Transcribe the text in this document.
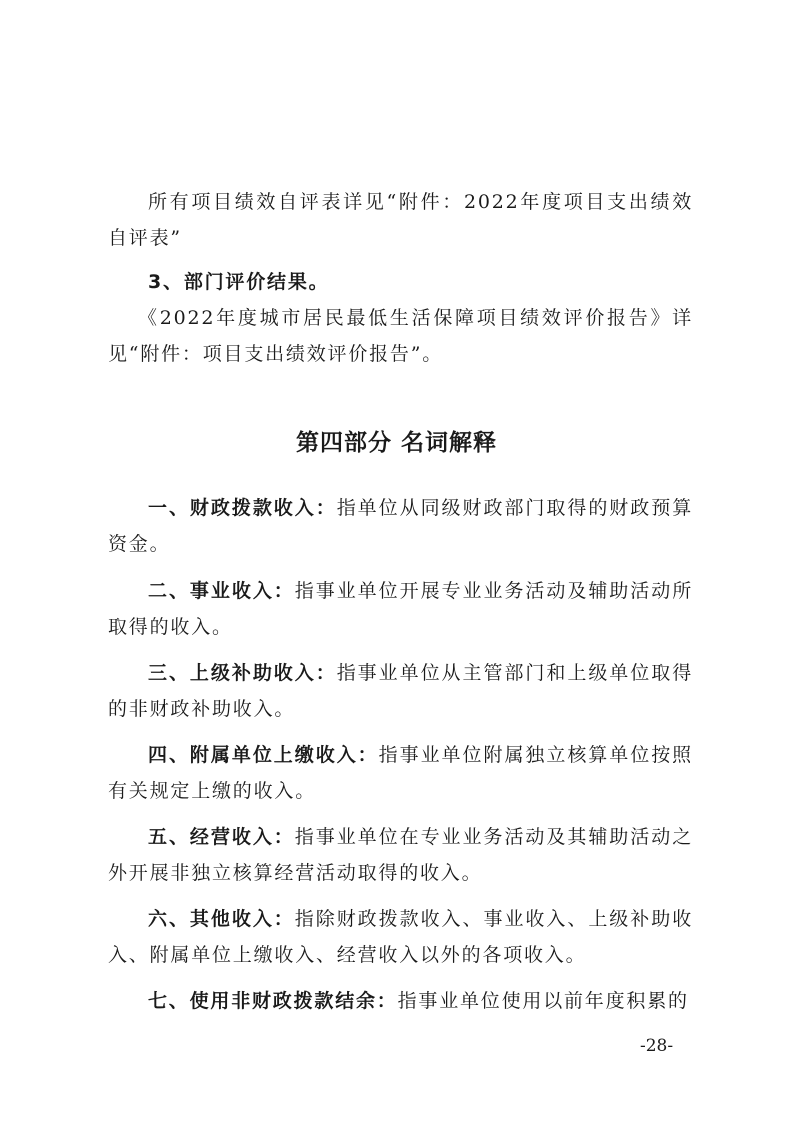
所有项目绩效自评表详见“附件：2022年度项目支出绩效自评表”

3、部门评价结果。

《2022年度城市居民最低生活保障项目绩效评价报告》详见“附件：项目支出绩效评价报告”。

第四部分 名词解释

一、财政拨款收入：指单位从同级财政部门取得的财政预算资金。

二、事业收入：指事业单位开展专业业务活动及辅助活动所取得的收入。

三、上级补助收入：指事业单位从主管部门和上级单位取得的非财政补助收入。

四、附属单位上缴收入：指事业单位附属独立核算单位按照有关规定上缴的收入。

五、经营收入：指事业单位在专业业务活动及其辅助活动之外开展非独立核算经营活动取得的收入。

六、其他收入：指除财政拨款收入、事业收入、上级补助收入、附属单位上缴收入、经营收入以外的各项收入。

七、使用非财政拨款结余：指事业单位使用以前年度积累的

-28-
